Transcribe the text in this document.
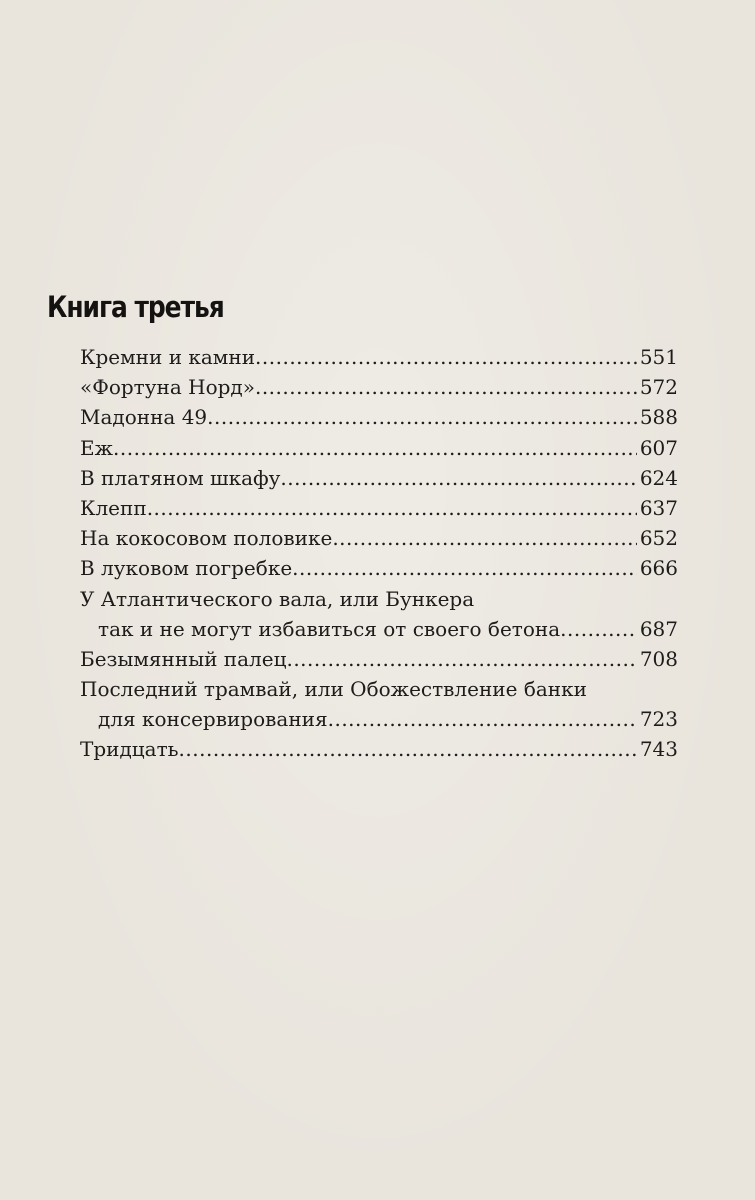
Книга третья
Кремни и камни .....	551
«Фортуна Норд» .....	572
Мадонна 49 .....	588
Еж .....	607
В платяном шкафу .....	624
Клепп .....	637
На кокосовом половике .....	652
В луковом погребке .....	666
У Атлантического вала, или Бункера
так и не могут избавиться от своего бетона .....	687
Безымянный палец .....	708
Последний трамвай, или Обожествление банки
для консервирования .....	723
Тридцать .....	743
